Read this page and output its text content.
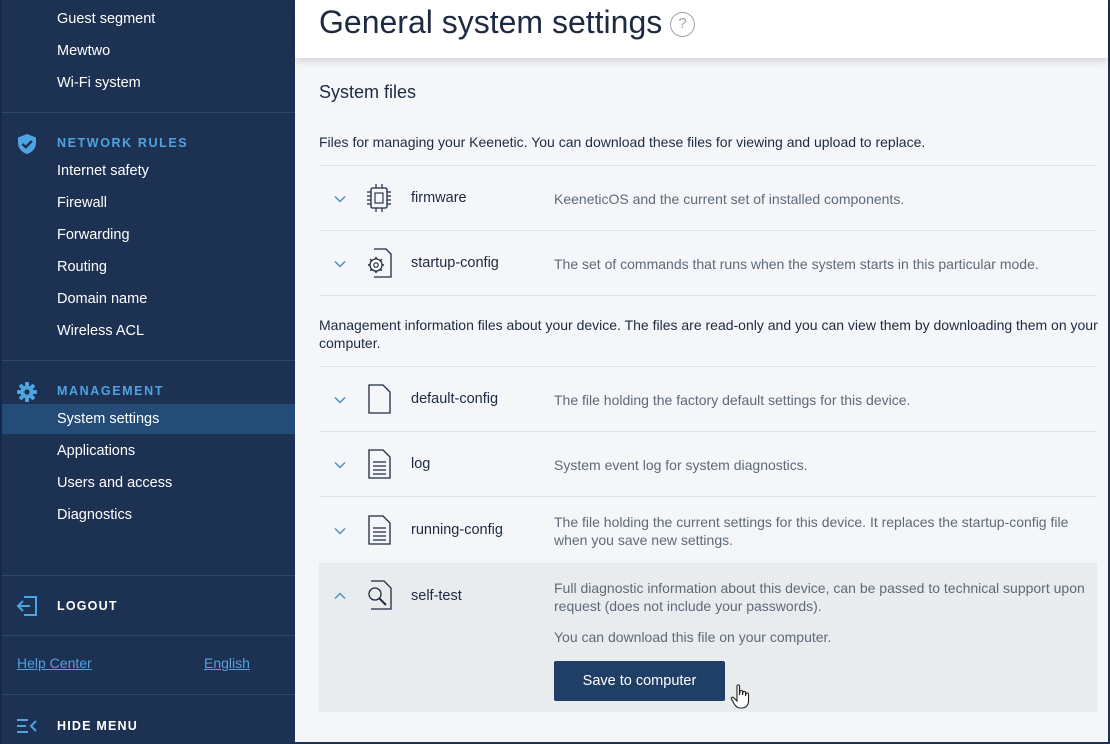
Guest segment
Mewtwo
Wi-Fi system
NETWORK RULES
Internet safety
Firewall
Forwarding
Routing
Domain name
Wireless ACL
MANAGEMENT
System settings
Applications
Users and access
Diagnostics
LOGOUT
Help Center	English
HIDE MENU
General system settings	?
System files
Files for managing your Keenetic. You can download these files for viewing and upload to replace.
firmware	KeeneticOS and the current set of installed components.
startup-config	The set of commands that runs when the system starts in this particular mode.
Management information files about your device. The files are read-only and you can view them by downloading them on your computer.
default-config	The file holding the factory default settings for this device.
log	System event log for system diagnostics.
running-config	The file holding the current settings for this device. It replaces the startup-config file when you save new settings.
self-test	Full diagnostic information about this device, can be passed to technical support upon request (does not include your passwords).
You can download this file on your computer.
Save to computer
